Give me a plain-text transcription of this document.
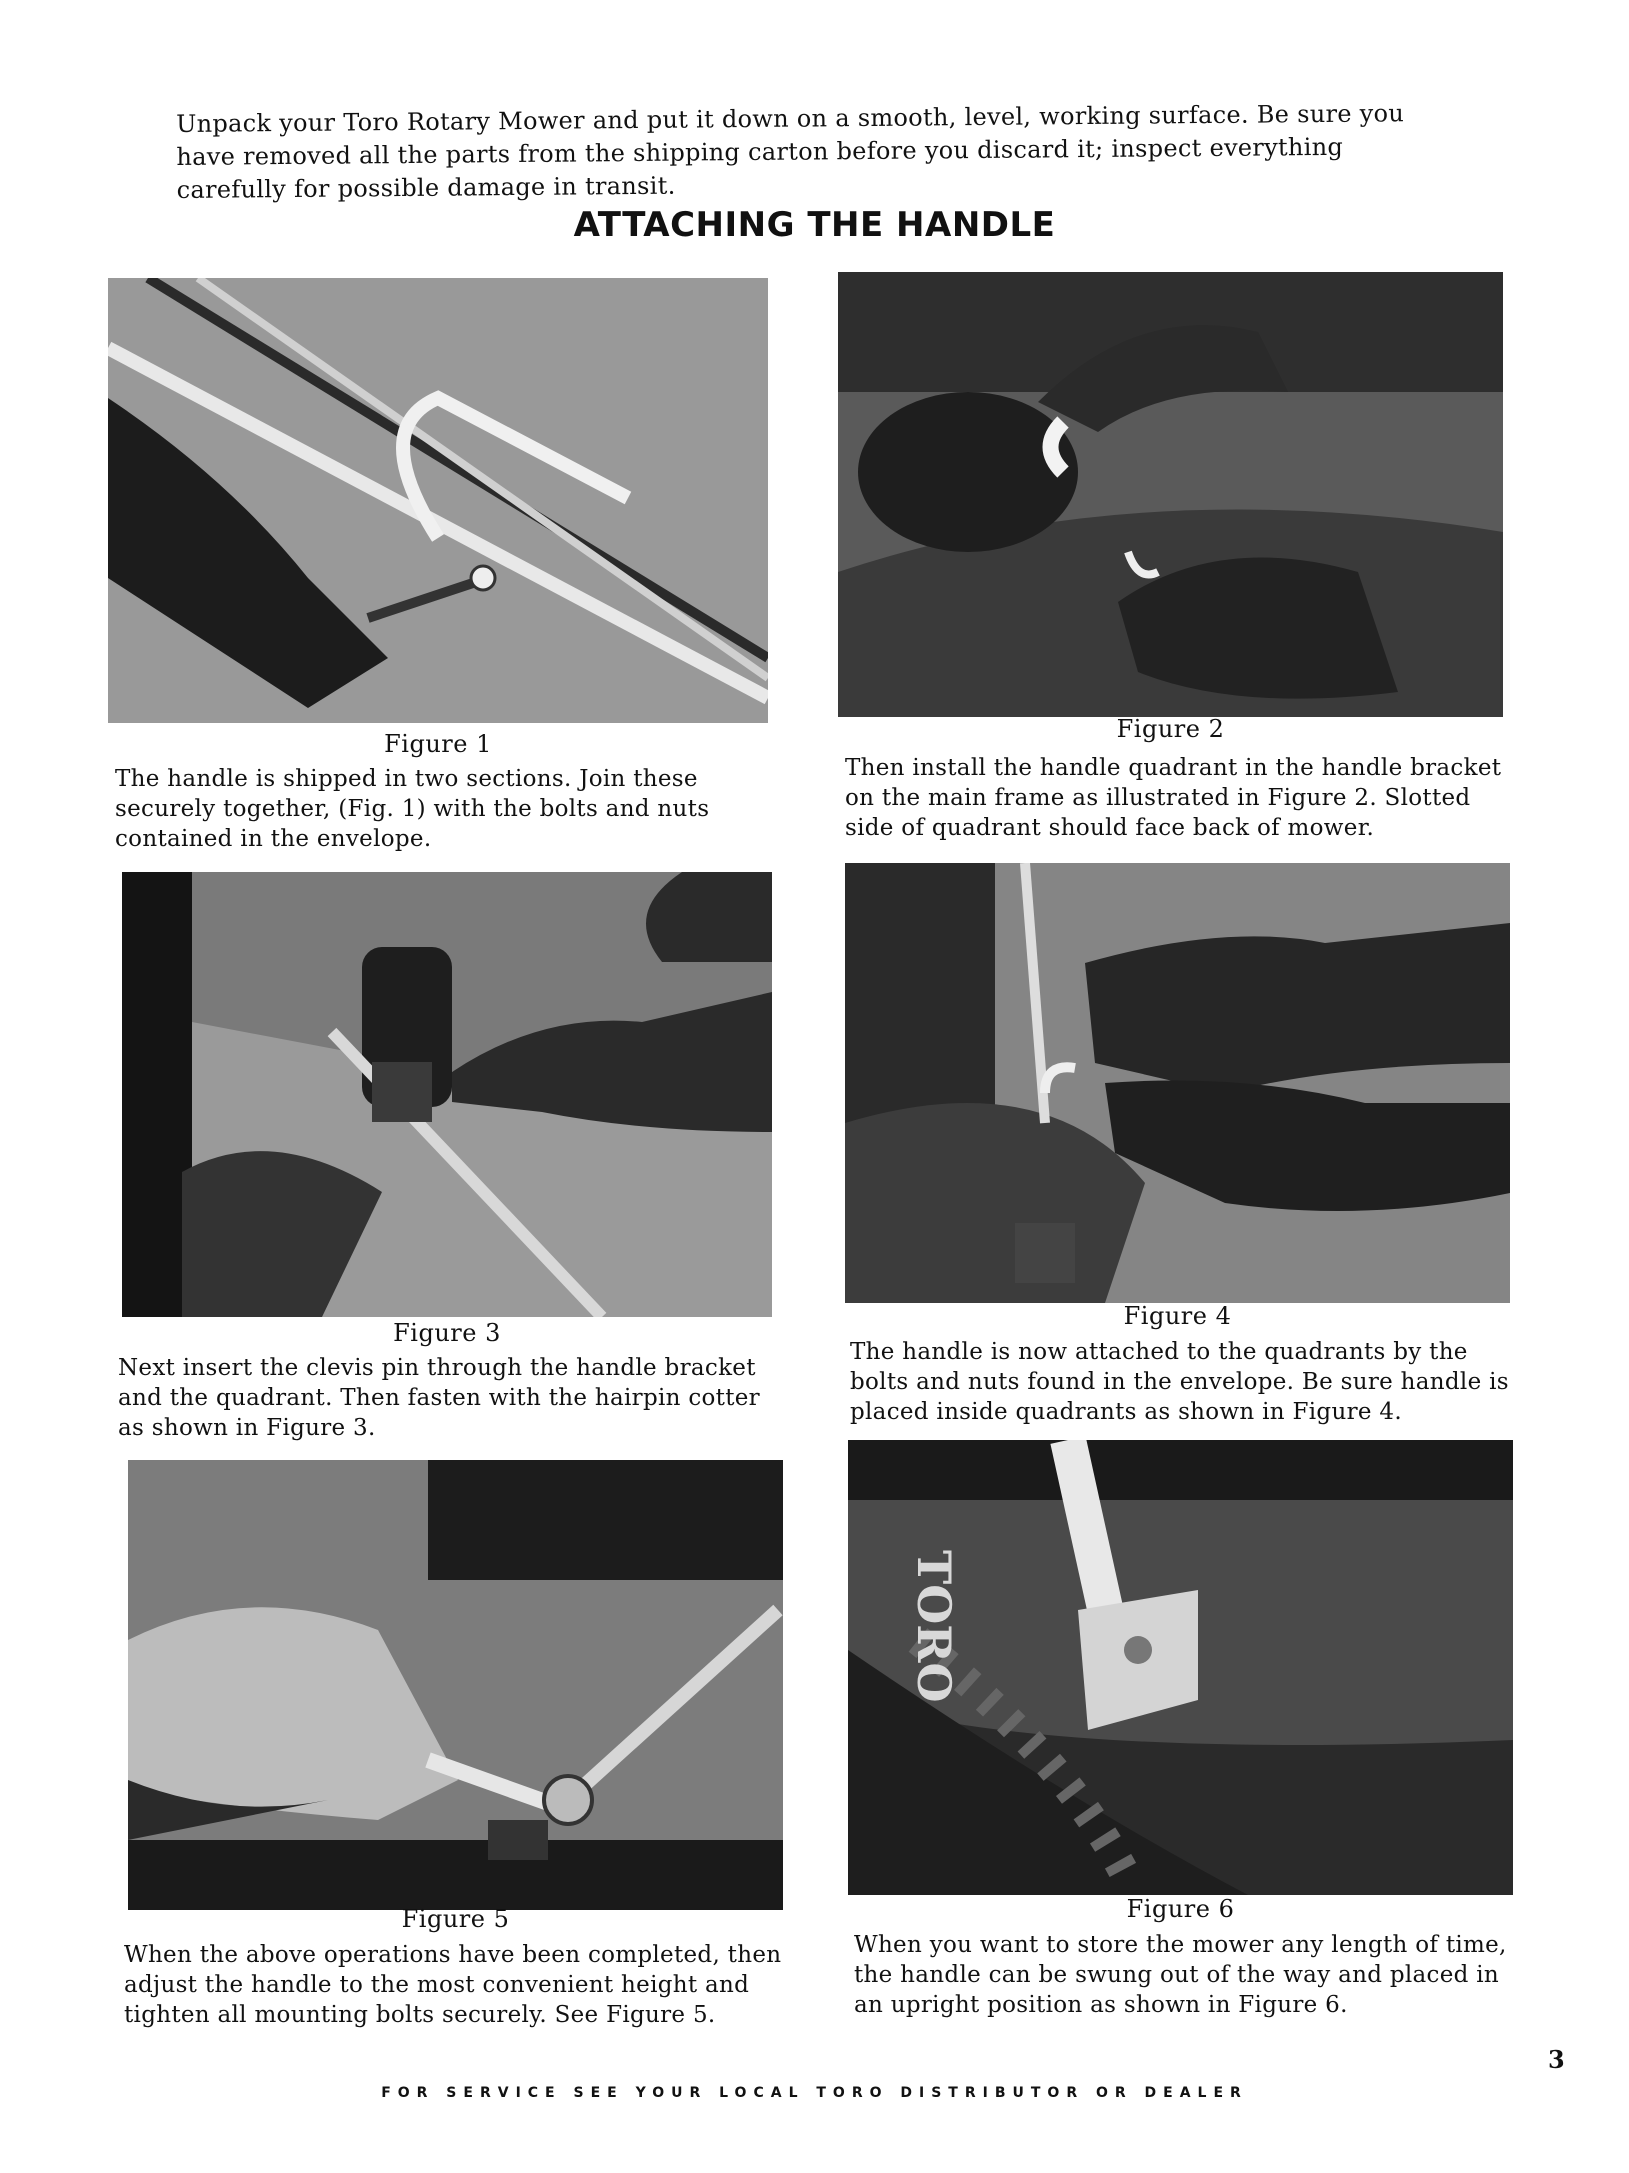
Unpack your Toro Rotary Mower and put it down on a smooth, level, working surface. Be sure you have removed all the parts from the shipping carton before you discard it; inspect everything carefully for possible damage in transit.
ATTACHING THE HANDLE
Figure 1
The handle is shipped in two sections. Join these securely together, (Fig. 1) with the bolts and nuts contained in the envelope.
Figure 2
Then install the handle quadrant in the handle bracket on the main frame as illustrated in Figure 2. Slotted side of quadrant should face back of mower.
Figure 3
Next insert the clevis pin through the handle bracket and the quadrant. Then fasten with the hairpin cotter as shown in Figure 3.
Figure 4
The handle is now attached to the quadrants by the bolts and nuts found in the envelope. Be sure handle is placed inside quadrants as shown in Figure 4.
Figure 5
When the above operations have been completed, then adjust the handle to the most convenient height and tighten all mounting bolts securely. See Figure 5.
TORO
Figure 6
When you want to store the mower any length of time, the handle can be swung out of the way and placed in an upright position as shown in Figure 6.
3
FOR SERVICE SEE YOUR LOCAL TORO DISTRIBUTOR OR DEALER
